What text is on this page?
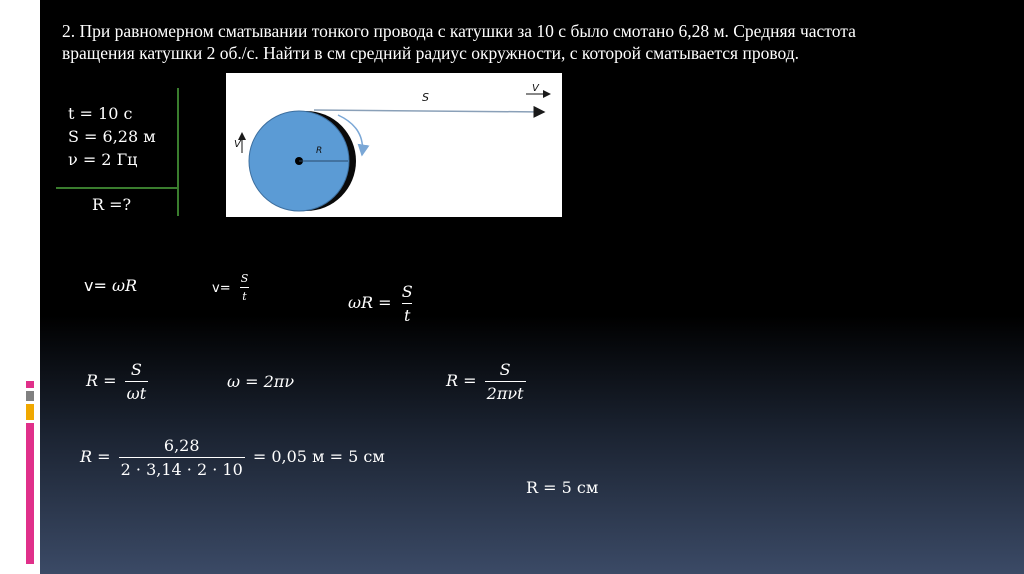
2. При равномерном сматывании тонкого провода с катушки за 10 с было смотано 6,28 м. Средняя частота
вращения катушки 2 об./с. Найти в см средний радиус окружности, с которой сматывается провод.
t = 10 с
S = 6,28 м
ν = 2 Гц
R =?
R
V
V
S
v= ωR	$v= \frac{S}{t}$	$\omega R = \frac{S}{t}$
$R = \frac{S}{\omega t}$	ω = 2πν	$R = \frac{S}{\text{2πνt}}$
$R = \frac{6,28}{2 \cdot 3,14 \cdot 2 \cdot 10} = 0,05$ м = 5 см
R = 5 см
